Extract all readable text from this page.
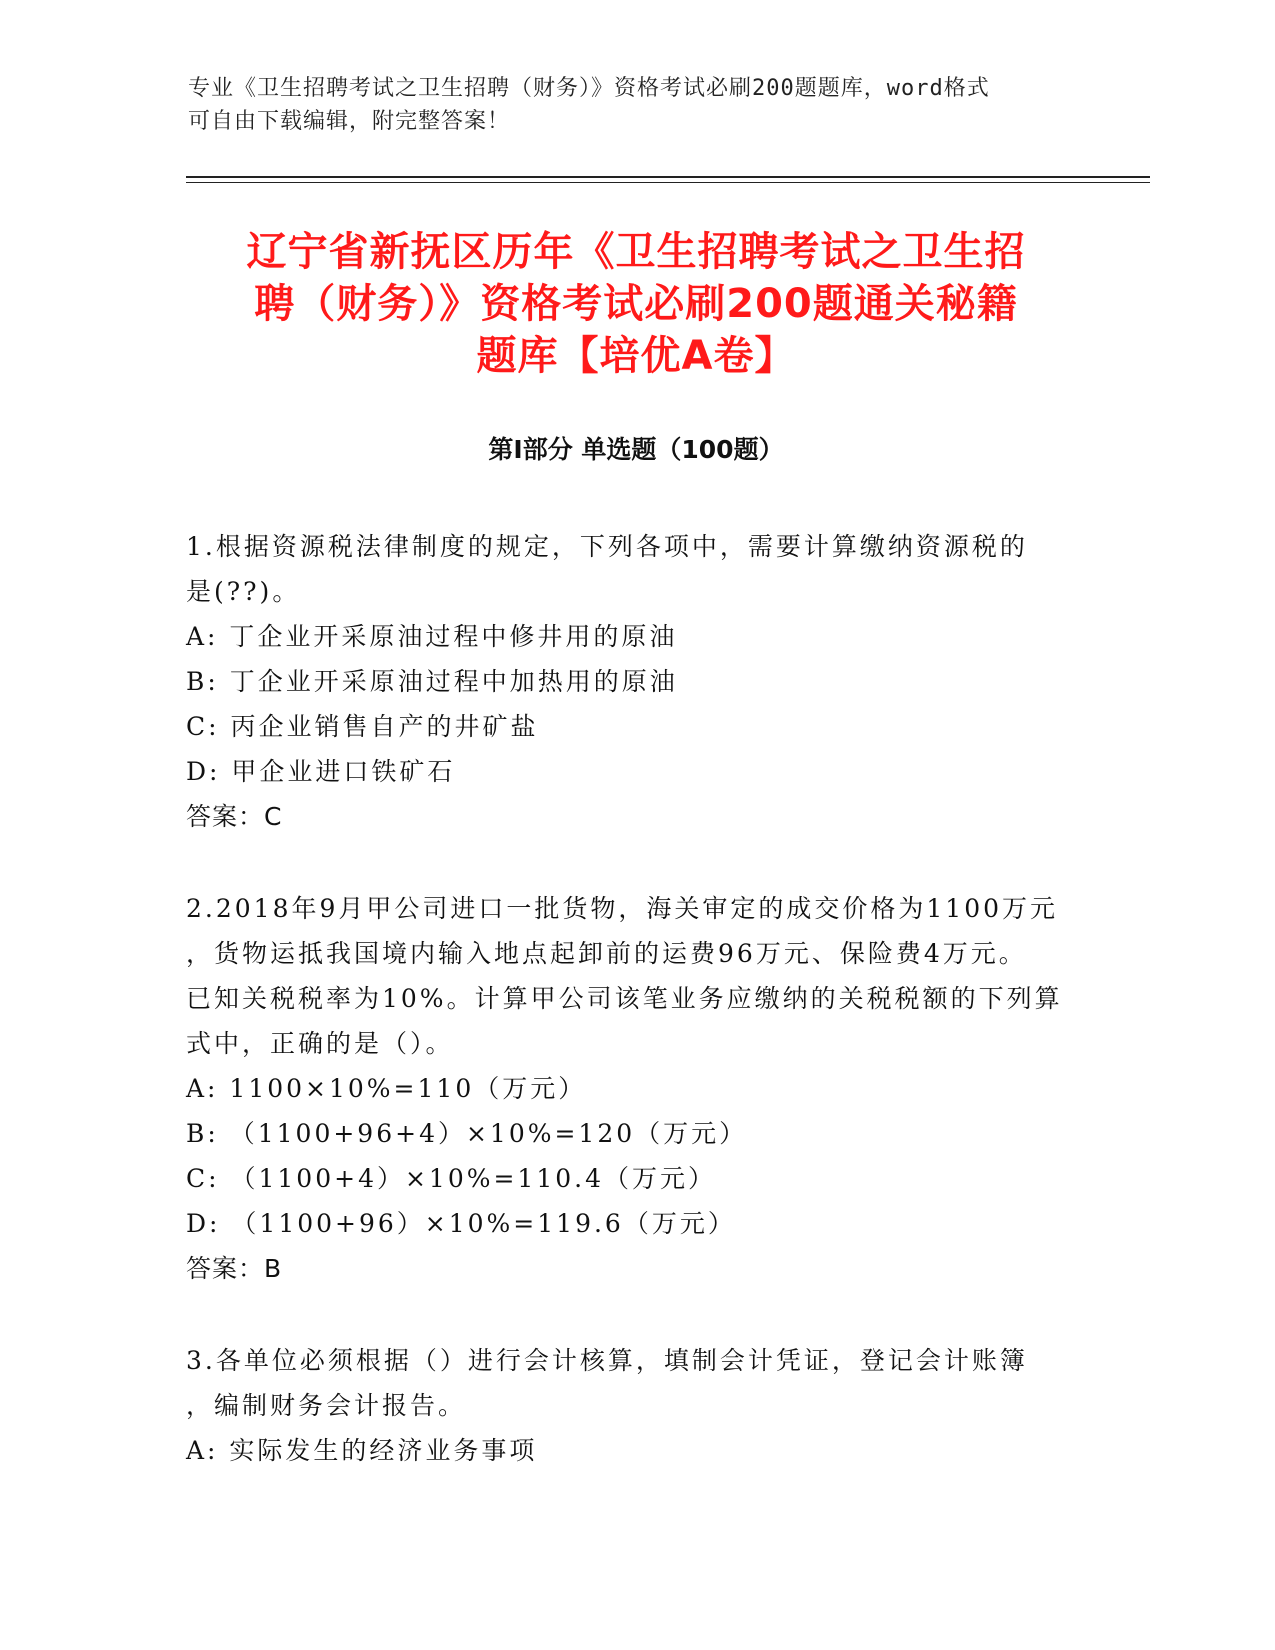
专业《卫生招聘考试之卫生招聘（财务）》资格考试必刷200题题库，word格式
可自由下载编辑，附完整答案！
辽宁省新抚区历年《卫生招聘考试之卫生招
聘（财务）》资格考试必刷200题通关秘籍
题库【培优A卷】
第I部分 单选题（100题）
1.根据资源税法律制度的规定，下列各项中，需要计算缴纳资源税的
是(??)。
A: 丁企业开采原油过程中修井用的原油
B: 丁企业开采原油过程中加热用的原油
C: 丙企业销售自产的井矿盐
D: 甲企业进口铁矿石
答案：C
2.2018年9月甲公司进口一批货物，海关审定的成交价格为1100万元
，货物运抵我国境内输入地点起卸前的运费96万元、保险费4万元。
已知关税税率为10%。计算甲公司该笔业务应缴纳的关税税额的下列算
式中，正确的是（）。
A: 1100×10%=110（万元）
B: （1100+96+4）×10%=120（万元）
C: （1100+4）×10%=110.4（万元）
D: （1100+96）×10%=119.6（万元）
答案：B
3.各单位必须根据（）进行会计核算，填制会计凭证，登记会计账簿
，编制财务会计报告。
A: 实际发生的经济业务事项
